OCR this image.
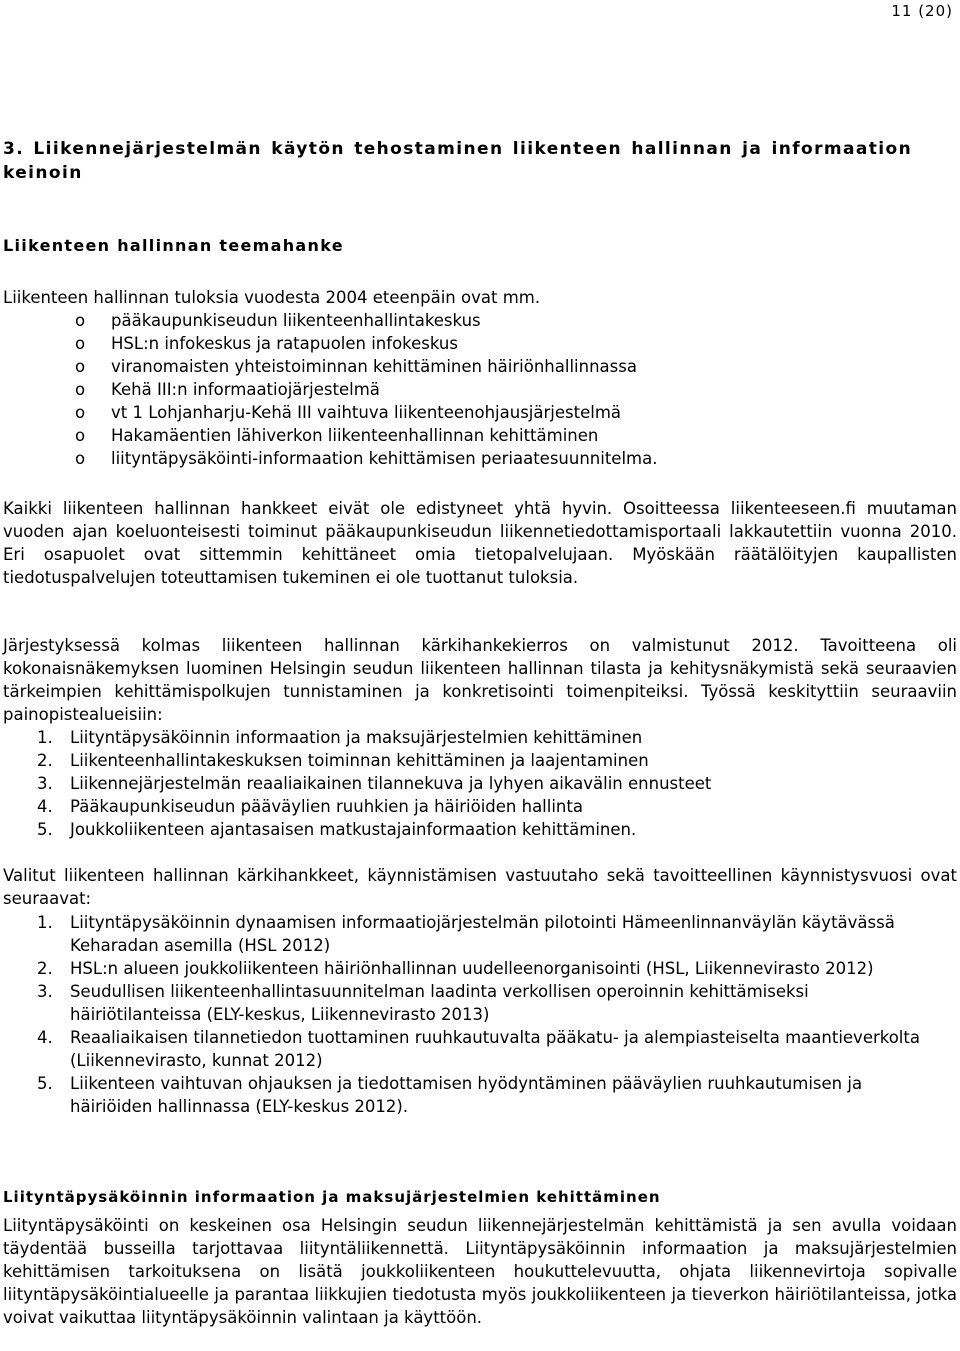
11 (20)
3. Liikennejärjestelmän käytön tehostaminen liikenteen hallinnan ja informaation keinoin
Liikenteen hallinnan teemahanke

Liikenteen hallinnan tuloksia vuodesta 2004 eteenpäin ovat mm.

o pääkaupunkiseudun liikenteenhallintakeskus
o HSL:n infokeskus ja ratapuolen infokeskus
o viranomaisten yhteistoiminnan kehittäminen häiriönhallinnassa
o Kehä III:n informaatiojärjestelmä
o vt 1 Lohjanharju-Kehä III vaihtuva liikenteenohjausjärjestelmä
o Hakamäentien lähiverkon liikenteenhallinnan kehittäminen
o liityntäpysäköinti-informaation kehittämisen periaatesuunnitelma.

Kaikki liikenteen hallinnan hankkeet eivät ole edistyneet yhtä hyvin. Osoitteessa liikenteeseen.fi muutaman vuoden ajan koeluonteisesti toiminut pääkaupunkiseudun liikennetiedottamisportaali lakkautettiin vuonna 2010. Eri osapuolet ovat sittemmin kehittäneet omia tietopalvelujaan. Myöskään räätälöityjen kaupallisten tiedotuspalvelujen toteuttamisen tukeminen ei ole tuottanut tuloksia.

Järjestyksessä kolmas liikenteen hallinnan kärkihankekierros on valmistunut 2012. Tavoitteena oli kokonaisnäkemyksen luominen Helsingin seudun liikenteen hallinnan tilasta ja kehitysnäkymistä sekä seuraavien tärkeimpien kehittämispolkujen tunnistaminen ja konkretisointi toimenpiteiksi. Työssä keskityttiin seuraaviin painopistealueisiin:

1. Liityntäpysäköinnin informaation ja maksujärjestelmien kehittäminen
2. Liikenteenhallintakeskuksen toiminnan kehittäminen ja laajentaminen
3. Liikennejärjestelmän reaaliaikainen tilannekuva ja lyhyen aikavälin ennusteet
4. Pääkaupunkiseudun pääväylien ruuhkien ja häiriöiden hallinta
5. Joukkoliikenteen ajantasaisen matkustajainformaation kehittäminen.

Valitut liikenteen hallinnan kärkihankkeet, käynnistämisen vastuutaho sekä tavoitteellinen käynnistysvuosi ovat seuraavat:

1. Liityntäpysäköinnin dynaamisen informaatiojärjestelmän pilotointi Hämeenlinnanväylän käytävässä Keharadan asemilla (HSL 2012)
2. HSL:n alueen joukkoliikenteen häiriönhallinnan uudelleenorganisointi (HSL, Liikennevirasto 2012)
3. Seudullisen liikenteenhallintasuunnitelman laadinta verkollisen operoinnin kehittämiseksi häiriötilanteissa (ELY-keskus, Liikennevirasto 2013)
4. Reaaliaikaisen tilannetiedon tuottaminen ruuhkautuvalta pääkatu- ja alempiasteiselta maantieverkolta (Liikennevirasto, kunnat 2012)
5. Liikenteen vaihtuvan ohjauksen ja tiedottamisen hyödyntäminen pääväylien ruuhkautumisen ja häiriöiden hallinnassa (ELY-keskus 2012).
Liityntäpysäköinnin informaation ja maksujärjestelmien kehittäminen

Liityntäpysäköinti on keskeinen osa Helsingin seudun liikennejärjestelmän kehittämistä ja sen avulla voidaan täydentää busseilla tarjottavaa liityntäliikennettä. Liityntäpysäköinnin informaation ja maksujärjestelmien kehittämisen tarkoituksena on lisätä joukkoliikenteen houkuttelevuutta, ohjata liikennevirtoja sopivalle liityntäpysäköintialueelle ja parantaa liikkujien tiedotusta myös joukkoliikenteen ja tieverkon häiriötilanteissa, jotka voivat vaikuttaa liityntäpysäköinnin valintaan ja käyttöön.
